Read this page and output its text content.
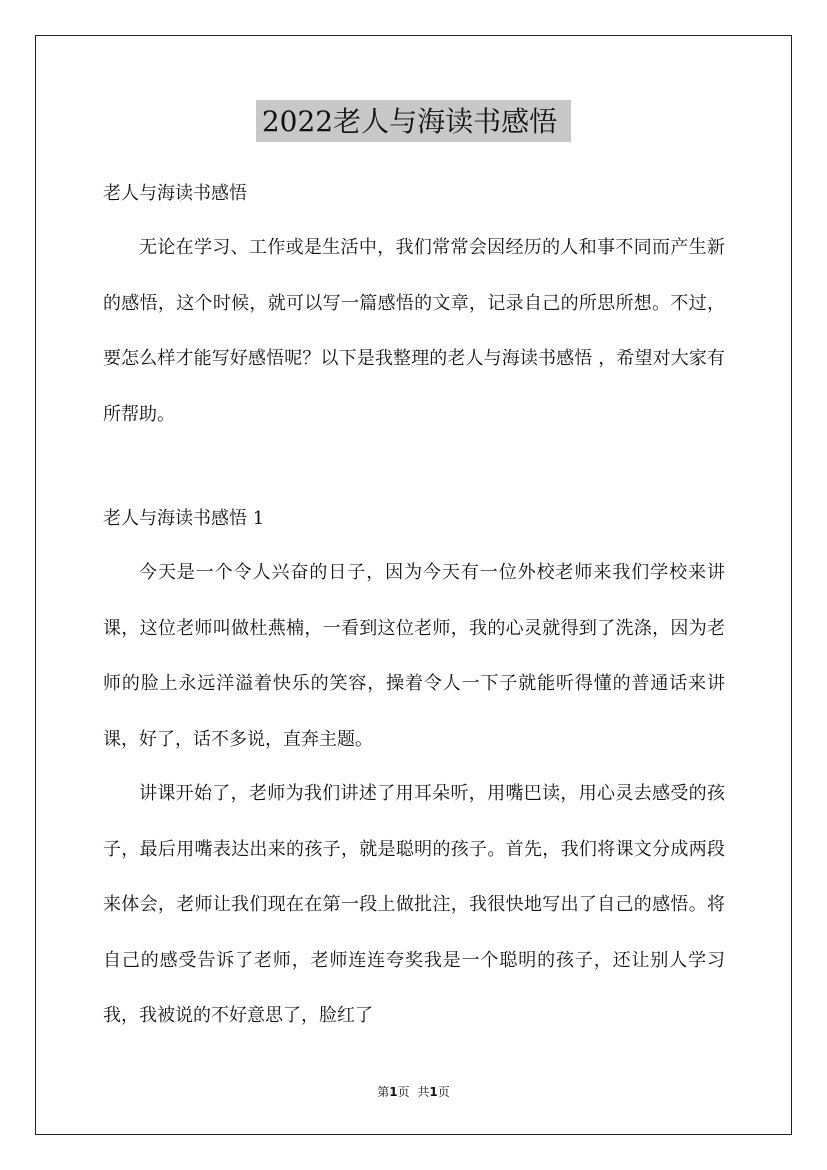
2022老人与海读书感悟
老人与海读书感悟

无论在学习、工作或是生活中，我们常常会因经历的人和事不同而产生新的感悟，这个时候，就可以写一篇感悟的文章，记录自己的所思所想。不过，要怎么样才能写好感悟呢？以下是我整理的老人与海读书感悟 ，希望对大家有所帮助。

老人与海读书感悟 1

今天是一个令人兴奋的日子，因为今天有一位外校老师来我们学校来讲课，这位老师叫做杜燕楠，一看到这位老师，我的心灵就得到了洗涤，因为老师的脸上永远洋溢着快乐的笑容，操着令人一下子就能听得懂的普通话来讲课，好了，话不多说，直奔主题。

讲课开始了，老师为我们讲述了用耳朵听，用嘴巴读，用心灵去感受的孩子，最后用嘴表达出来的孩子，就是聪明的孩子。首先，我们将课文分成两段来体会，老师让我们现在在第一段上做批注，我很快地写出了自己的感悟。将自己的感受告诉了老师，老师连连夸奖我是一个聪明的孩子，还让别人学习我，我被说的不好意思了，脸红了

第1页 共1页
